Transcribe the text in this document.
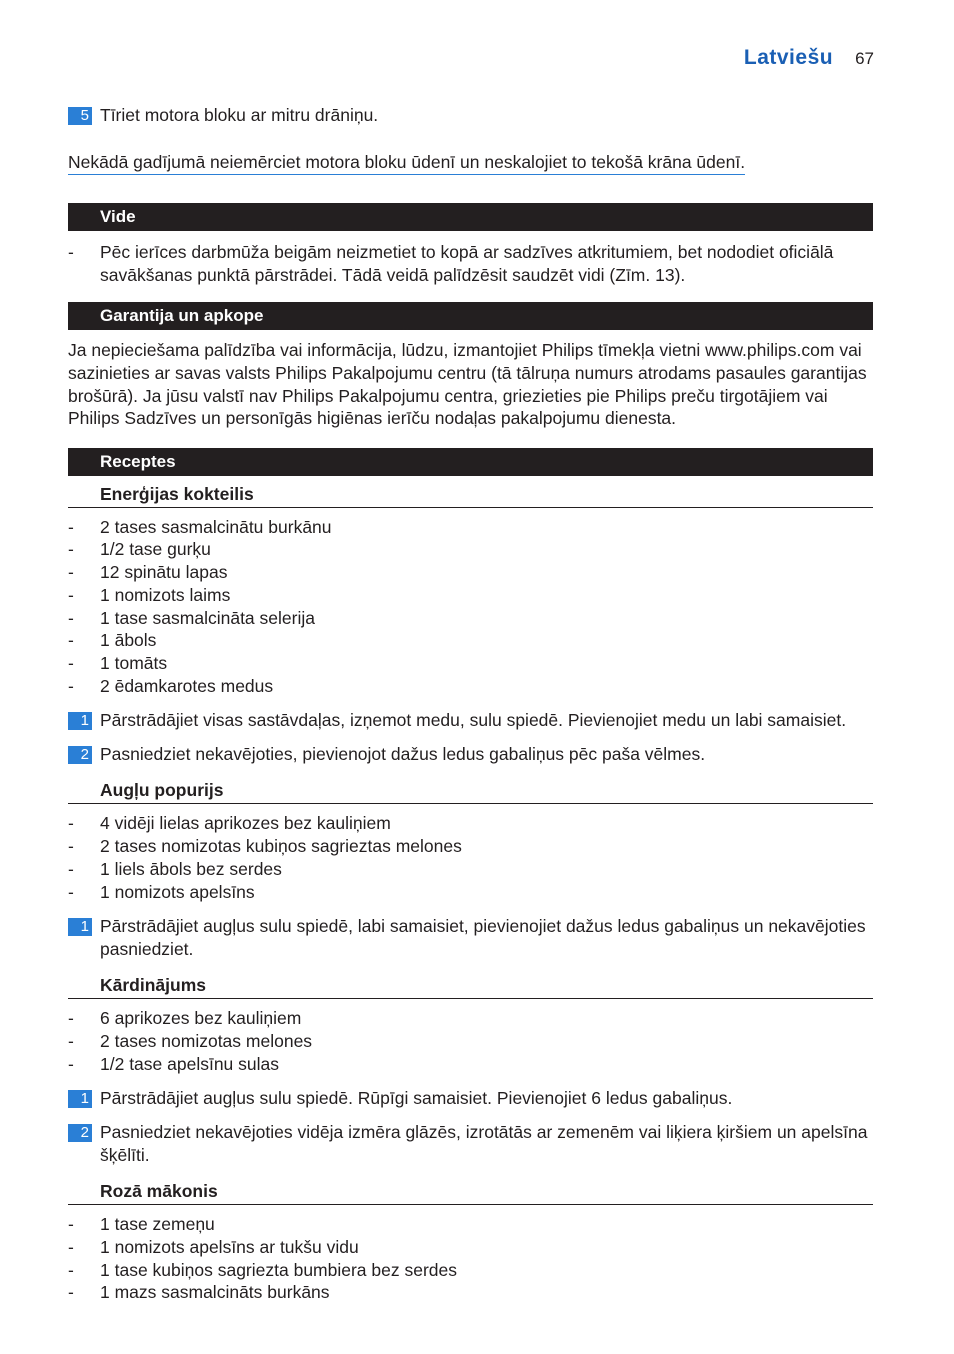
Latviešu 67
5 Tīriet motora bloku ar mitru drāniņu.
Nekādā gadījumā neiemērciet motora bloku ūdenī un neskalojiet to tekošā krāna ūdenī.
Vide
- Pēc ierīces darbmūža beigām neizmetiet to kopā ar sadzīves atkritumiem, bet nododiet oficiālā savākšanas punktā pārstrādei. Tādā veidā palīdzēsit saudzēt vidi (Zīm. 13).
Garantija un apkope
Ja nepieciešama palīdzība vai informācija, lūdzu, izmantojiet Philips tīmekļa vietni www.philips.com vai sazinieties ar savas valsts Philips Pakalpojumu centru (tā tālruņa numurs atrodams pasaules garantijas brošūrā). Ja jūsu valstī nav Philips Pakalpojumu centra, griezieties pie Philips preču tirgotājiem vai Philips Sadzīves un personīgās higiēnas ierīču nodaļas pakalpojumu dienesta.
Receptes
Enerģijas kokteilis
- 2 tases sasmalcinātu burkānu
- 1/2 tase gurķu
- 12 spinātu lapas
- 1 nomizots laims
- 1 tase sasmalcināta selerija
- 1 ābols
- 1 tomāts
- 2 ēdamkarotes medus
1 Pārstrādājiet visas sastāvdaļas, izņemot medu, sulu spiedē. Pievienojiet medu un labi samaisiet.
2 Pasniedziet nekavējoties, pievienojot dažus ledus gabaliņus pēc paša vēlmes.
Augļu popurijs
- 4 vidēji lielas aprikozes bez kauliņiem
- 2 tases nomizotas kubiņos sagrieztas melones
- 1 liels ābols bez serdes
- 1 nomizots apelsīns
1 Pārstrādājiet augļus sulu spiedē, labi samaisiet, pievienojiet dažus ledus gabaliņus un nekavējoties pasniedziet.
Kārdinājums
- 6 aprikozes bez kauliņiem
- 2 tases nomizotas melones
- 1/2 tase apelsīnu sulas
1 Pārstrādājiet augļus sulu spiedē. Rūpīgi samaisiet. Pievienojiet 6 ledus gabaliņus.
2 Pasniedziet nekavējoties vidēja izmēra glāzēs, izrotātās ar zemenēm vai liķiera ķiršiem un apelsīna šķēlīti.
Rozā mākonis
- 1 tase zemeņu
- 1 nomizots apelsīns ar tukšu vidu
- 1 tase kubiņos sagriezta bumbiera bez serdes
- 1 mazs sasmalcināts burkāns
